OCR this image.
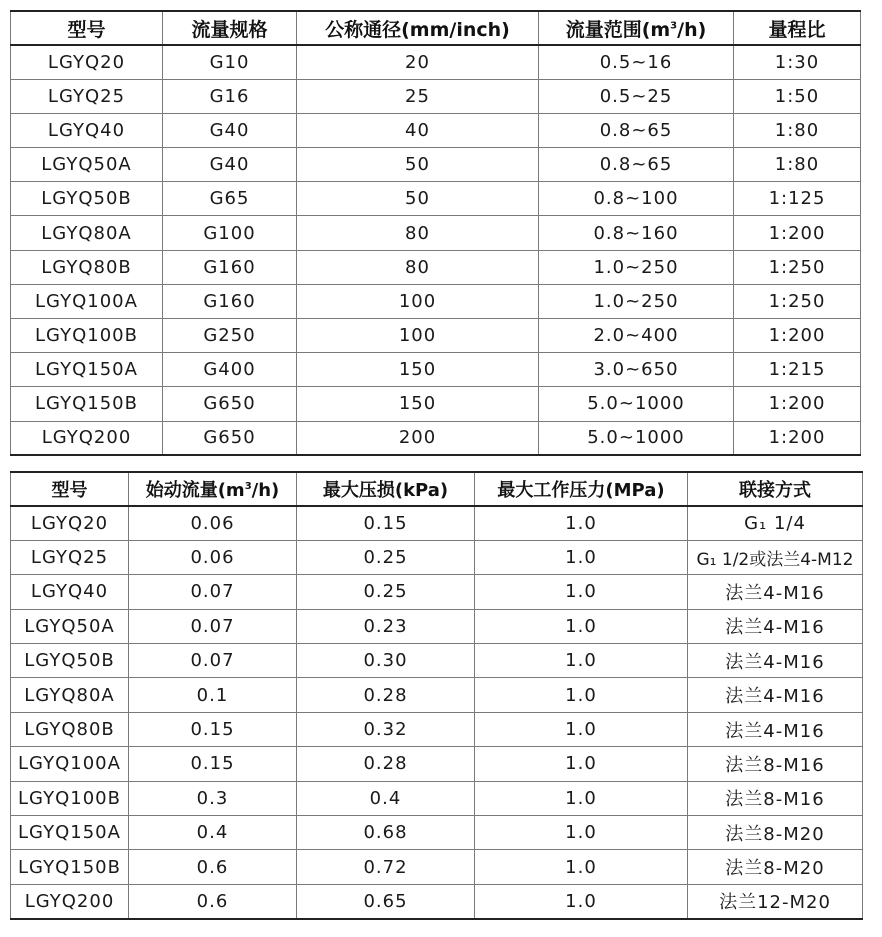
型号	流量规格	公称通径(mm/inch)	流量范围$(m^3/h)$	量程比
LGYQ20	G10	20	0.5~16	1:30
LGYQ25	G16	25	0.5~25	1:50
LGYQ40	G40	40	0.8~65	1:80
LGYQ50A	G40	50	0.8~65	1:80
LGYQ50B	G65	50	0.8~100	1:125
LGYQ80A	G100	80	0.8~160	1:200
LGYQ80B	G160	80	1.0~250	1:250
LGYQ100A	G160	100	1.0~250	1:250
LGYQ100B	G250	100	2.0~400	1:200
LGYQ150A	G400	150	3.0~650	1:215
LGYQ150B	G650	150	5.0~1000	1:200
LGYQ200	G650	200	5.0~1000	1:200
型号	始动流量$(m^3/h)$	最大压损(kPa)	最大工作压力(MPa)	联接方式
LGYQ20	0.06	0.15	1.0	G₁ 1/4
LGYQ25	0.06	0.25	1.0	G₁ 1/2或法兰4-M12
LGYQ40	0.07	0.25	1.0	法兰4-M16
LGYQ50A	0.07	0.23	1.0	法兰4-M16
LGYQ50B	0.07	0.30	1.0	法兰4-M16
LGYQ80A	0.1	0.28	1.0	法兰4-M16
LGYQ80B	0.15	0.32	1.0	法兰4-M16
LGYQ100A	0.15	0.28	1.0	法兰8-M16
LGYQ100B	0.3	0.4	1.0	法兰8-M16
LGYQ150A	0.4	0.68	1.0	法兰8-M20
LGYQ150B	0.6	0.72	1.0	法兰8-M20
LGYQ200	0.6	0.65	1.0	法兰12-M20
